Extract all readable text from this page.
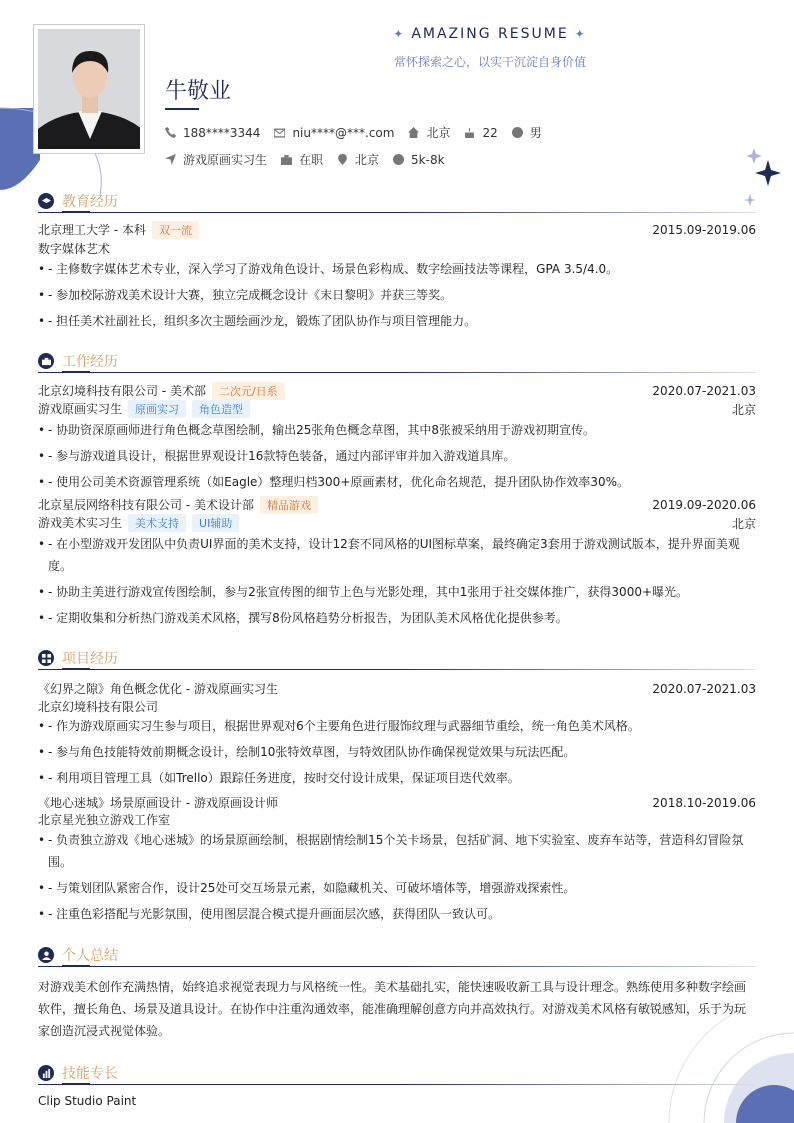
✦ AMAZING RESUME ✦
常怀探索之心，以实干沉淀自身价值
牛敬业
188****3344	niu****@***.com	北京	22	男
游戏原画实习生	在职	北京	5k-8k
教育经历
北京理工大学 - 本科 双一流	2015.09-2019.06
数字媒体艺术
• - 主修数字媒体艺术专业，深入学习了游戏角色设计、场景色彩构成、数字绘画技法等课程，GPA 3.5/4.0。
• - 参加校际游戏美术设计大赛，独立完成概念设计《末日黎明》并获三等奖。
• - 担任美术社副社长，组织多次主题绘画沙龙，锻炼了团队协作与项目管理能力。
工作经历
北京幻境科技有限公司 - 美术部 二次元/日系	2020.07-2021.03
游戏原画实习生 原画实习 角色造型	北京
• - 协助资深原画师进行角色概念草图绘制，输出25张角色概念草图，其中8张被采纳用于游戏初期宣传。
• - 参与游戏道具设计，根据世界观设计16款特色装备，通过内部评审并加入游戏道具库。
• - 使用公司美术资源管理系统（如Eagle）整理归档300+原画素材，优化命名规范，提升团队协作效率30%。
北京星辰网络科技有限公司 - 美术设计部 精品游戏	2019.09-2020.06
游戏美术实习生 美术支持 UI辅助	北京
• - 在小型游戏开发团队中负责UI界面的美术支持，设计12套不同风格的UI图标草案，最终确定3套用于游戏测试版本，提升界面美观度。
• - 协助主美进行游戏宣传图绘制，参与2张宣传图的细节上色与光影处理，其中1张用于社交媒体推广，获得3000+曝光。
• - 定期收集和分析热门游戏美术风格，撰写8份风格趋势分析报告，为团队美术风格优化提供参考。
项目经历
《幻界之隙》角色概念优化 - 游戏原画实习生	2020.07-2021.03
北京幻境科技有限公司
• - 作为游戏原画实习生参与项目，根据世界观对6个主要角色进行服饰纹理与武器细节重绘，统一角色美术风格。
• - 参与角色技能特效前期概念设计，绘制10张特效草图，与特效团队协作确保视觉效果与玩法匹配。
• - 利用项目管理工具（如Trello）跟踪任务进度，按时交付设计成果，保证项目迭代效率。
《地心迷城》场景原画设计 - 游戏原画设计师	2018.10-2019.06
北京星光独立游戏工作室
• - 负责独立游戏《地心迷城》的场景原画绘制，根据剧情绘制15个关卡场景，包括矿洞、地下实验室、废弃车站等，营造科幻冒险氛围。
• - 与策划团队紧密合作，设计25处可交互场景元素，如隐藏机关、可破坏墙体等，增强游戏探索性。
• - 注重色彩搭配与光影氛围，使用图层混合模式提升画面层次感，获得团队一致认可。
个人总结
对游戏美术创作充满热情，始终追求视觉表现力与风格统一性。美术基础扎实，能快速吸收新工具与设计理念。熟练使用多种数字绘画软件，擅长角色、场景及道具设计。在协作中注重沟通效率，能准确理解创意方向并高效执行。对游戏美术风格有敏锐感知，乐于为玩家创造沉浸式视觉体验。
技能专长
Clip Studio Paint
